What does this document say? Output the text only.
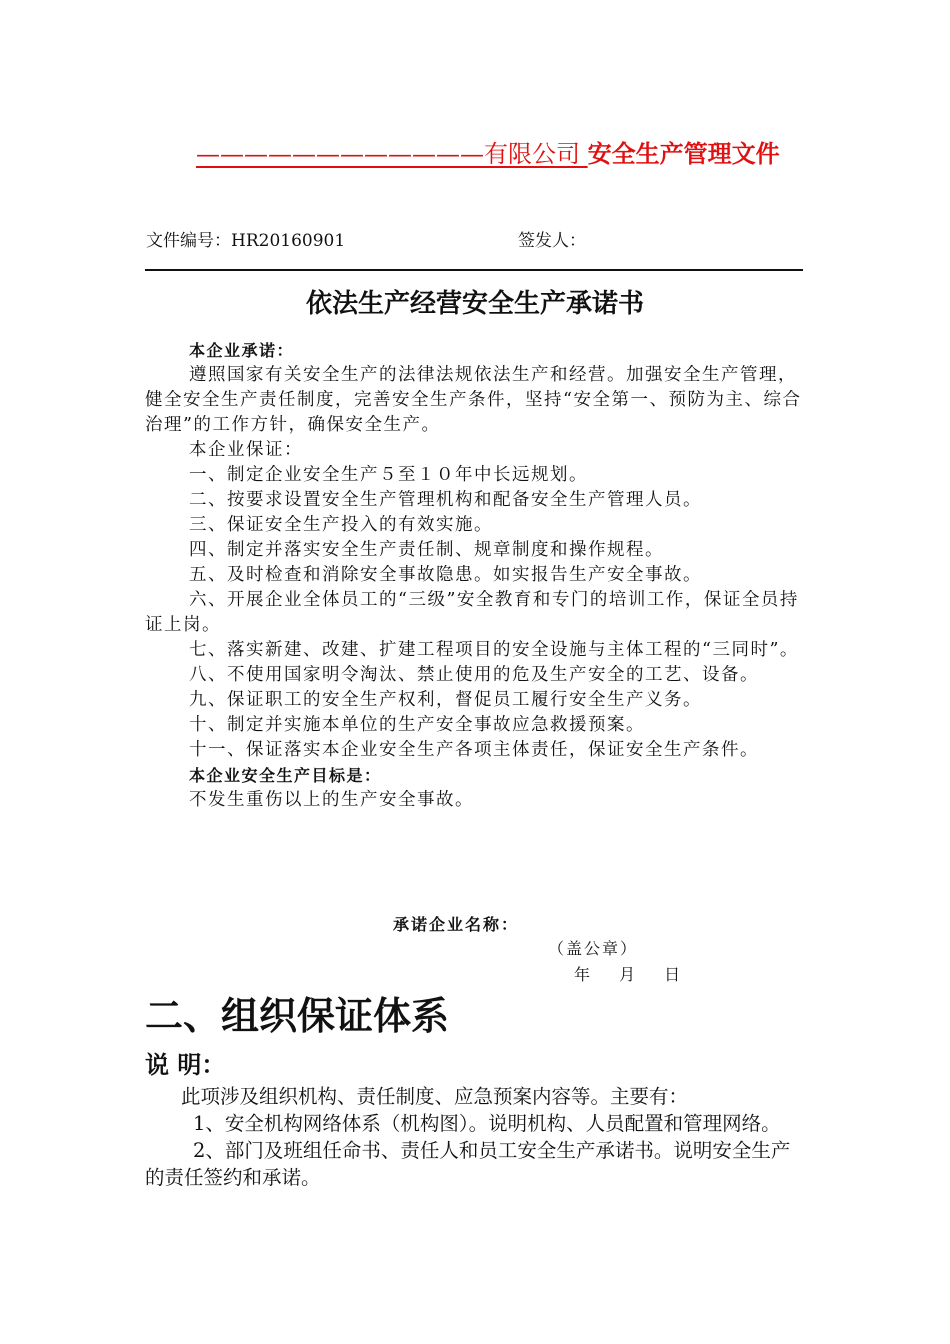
————————————有限公司 安全生产管理文件
文件编号：HR20160901	签发人：
依法生产经营安全生产承诺书

本企业承诺：

遵照国家有关安全生产的法律法规依法生产和经营。加强安全生产管理，健全安全生产责任制度，完善安全生产条件，坚持“安全第一、预防为主、综合治理”的工作方针，确保安全生产。

本企业保证：

一、制定企业安全生产５至１０年中长远规划。

二、按要求设置安全生产管理机构和配备安全生产管理人员。

三、保证安全生产投入的有效实施。

四、制定并落实安全生产责任制、规章制度和操作规程。

五、及时检查和消除安全事故隐患。如实报告生产安全事故。

六、开展企业全体员工的“三级”安全教育和专门的培训工作，保证全员持证上岗。

七、落实新建、改建、扩建工程项目的安全设施与主体工程的“三同时”。

八、不使用国家明令淘汰、禁止使用的危及生产安全的工艺、设备。

九、保证职工的安全生产权利，督促员工履行安全生产义务。

十、制定并实施本单位的生产安全事故应急救援预案。

十一、保证落实本企业安全生产各项主体责任，保证安全生产条件。

本企业安全生产目标是：

不发生重伤以上的生产安全事故。

承诺企业名称：
（盖公章）
年 月 日
二、组织保证体系
说 明：

此项涉及组织机构、责任制度、应急预案内容等。主要有：

1、安全机构网络体系（机构图）。说明机构、人员配置和管理网络。

2、部门及班组任命书、责任人和员工安全生产承诺书。说明安全生产的责任签约和承诺。
